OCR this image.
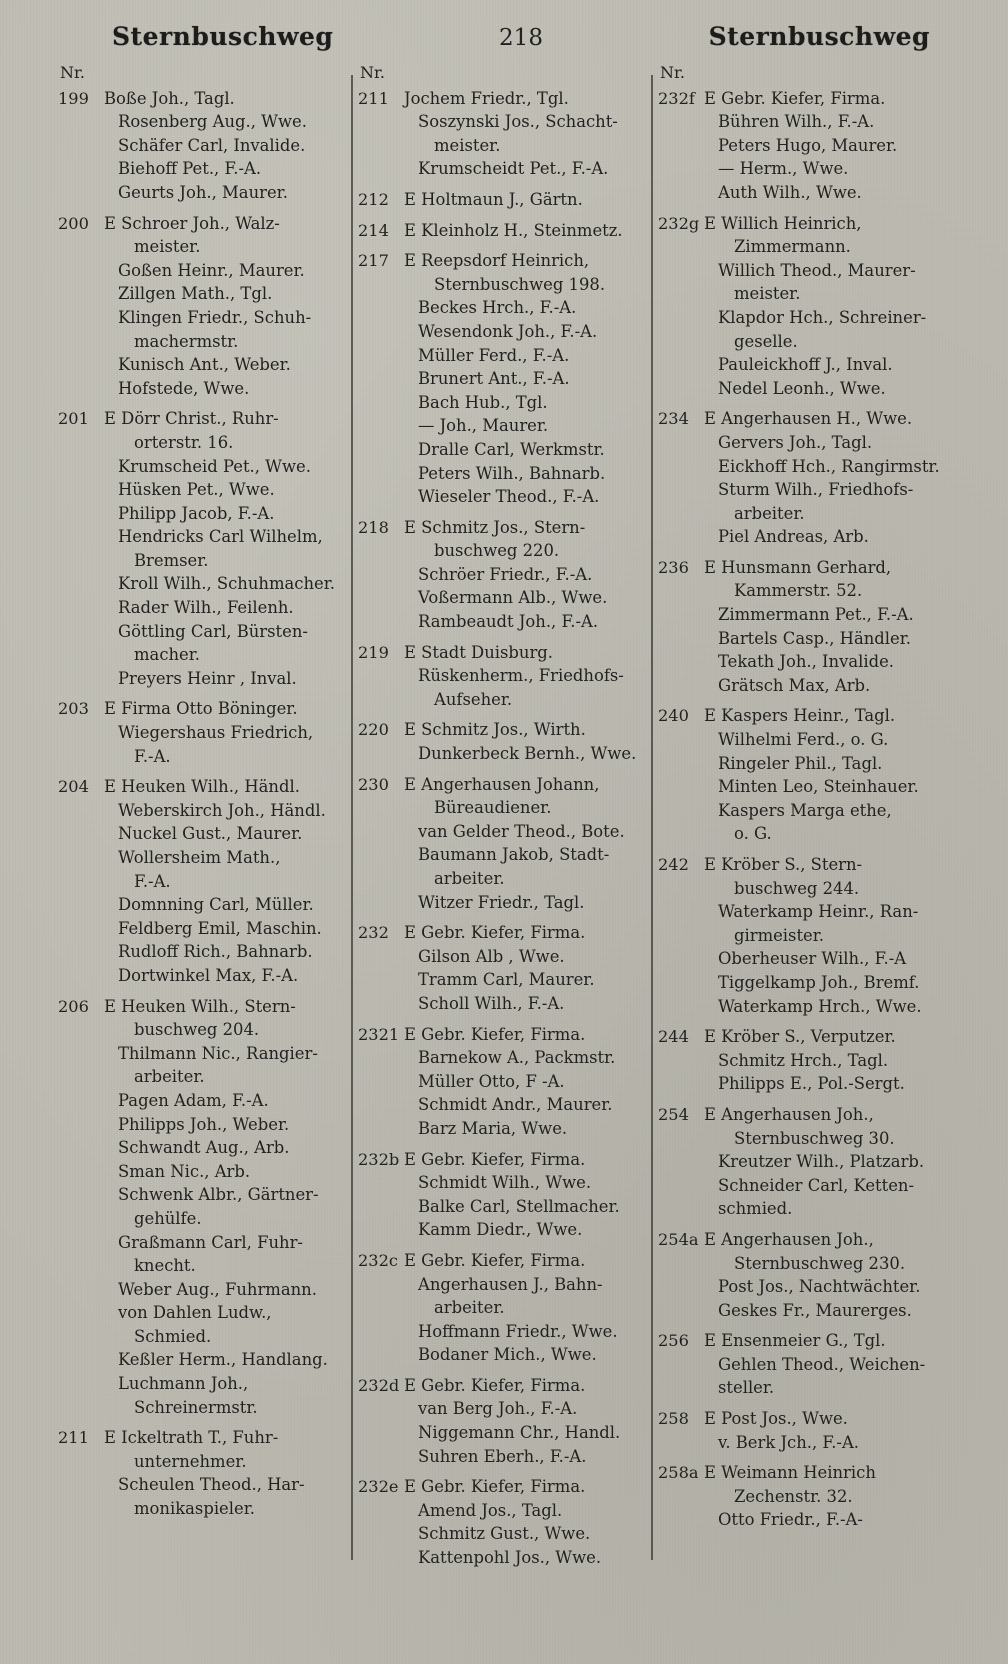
Sternbuschweg	218	Sternbuschweg
Nr.
199 Boße Joh., Tagl.
Rosenberg Aug., Wwe.
Schäfer Carl, Invalide.
Biehoff Pet., F.-A.
Geurts Joh., Maurer.
200 E Schroer Joh., Walz-
meister.
Goßen Heinr., Maurer.
Zillgen Math., Tgl.
Klingen Friedr., Schuh-
machermstr.
Kunisch Ant., Weber.
Hofstede, Wwe.
201 E Dörr Christ., Ruhr-
orterstr. 16.
Krumscheid Pet., Wwe.
Hüsken Pet., Wwe.
Philipp Jacob, F.-A.
Hendricks Carl Wilhelm,
Bremser.
Kroll Wilh., Schuhmacher.
Rader Wilh., Feilenh.
Göttling Carl, Bürsten-
macher.
Preyers Heinr , Inval.
203 E Firma Otto Böninger.
Wiegershaus Friedrich,
F.-A.
204 E Heuken Wilh., Händl.
Weberskirch Joh., Händl.
Nuckel Gust., Maurer.
Wollersheim Math.,
F.-A.
Domnning Carl, Müller.
Feldberg Emil, Maschin.
Rudloff Rich., Bahnarb.
Dortwinkel Max, F.-A.
206 E Heuken Wilh., Stern-
buschweg 204.
Thilmann Nic., Rangier-
arbeiter.
Pagen Adam, F.-A.
Philipps Joh., Weber.
Schwandt Aug., Arb.
Sman Nic., Arb.
Schwenk Albr., Gärtner-
gehülfe.
Graßmann Carl, Fuhr-
knecht.
Weber Aug., Fuhrmann.
von Dahlen Ludw.,
Schmied.
Keßler Herm., Handlang.
Luchmann Joh.,
Schreinermstr.
211 E Ickeltrath T., Fuhr-
unternehmer.
Scheulen Theod., Har-
monikaspieler.
Nr.
211 Jochem Friedr., Tgl.
Soszynski Jos., Schacht-
meister.
Krumscheidt Pet., F.-A.
212 E Holtmaun J., Gärtn.
214 E Kleinholz H., Steinmetz.
217 E Reepsdorf Heinrich,
Sternbuschweg 198.
Beckes Hrch., F.-A.
Wesendonk Joh., F.-A.
Müller Ferd., F.-A.
Brunert Ant., F.-A.
Bach Hub., Tgl.
— Joh., Maurer.
Dralle Carl, Werkmstr.
Peters Wilh., Bahnarb.
Wieseler Theod., F.-A.
218 E Schmitz Jos., Stern-
buschweg 220.
Schröer Friedr., F.-A.
Voßermann Alb., Wwe.
Rambeaudt Joh., F.-A.
219 E Stadt Duisburg.
Rüskenherm., Friedhofs-
Aufseher.
220 E Schmitz Jos., Wirth.
Dunkerbeck Bernh., Wwe.
230 E Angerhausen Johann,
Büreaudiener.
van Gelder Theod., Bote.
Baumann Jakob, Stadt-
arbeiter.
Witzer Friedr., Tagl.
232 E Gebr. Kiefer, Firma.
Gilson Alb , Wwe.
Tramm Carl, Maurer.
Scholl Wilh., F.-A.
2321 E Gebr. Kiefer, Firma.
Barnekow A., Packmstr.
Müller Otto, F -A.
Schmidt Andr., Maurer.
Barz Maria, Wwe.
232b E Gebr. Kiefer, Firma.
Schmidt Wilh., Wwe.
Balke Carl, Stellmacher.
Kamm Diedr., Wwe.
232c E Gebr. Kiefer, Firma.
Angerhausen J., Bahn-
arbeiter.
Hoffmann Friedr., Wwe.
Bodaner Mich., Wwe.
232d E Gebr. Kiefer, Firma.
van Berg Joh., F.-A.
Niggemann Chr., Handl.
Suhren Eberh., F.-A.
232e E Gebr. Kiefer, Firma.
Amend Jos., Tagl.
Schmitz Gust., Wwe.
Kattenpohl Jos., Wwe.
Nr.
232f E Gebr. Kiefer, Firma.
Bühren Wilh., F.-A.
Peters Hugo, Maurer.
— Herm., Wwe.
Auth Wilh., Wwe.
232g E Willich Heinrich,
Zimmermann.
Willich Theod., Maurer-
meister.
Klapdor Hch., Schreiner-
geselle.
Pauleickhoff J., Inval.
Nedel Leonh., Wwe.
234 E Angerhausen H., Wwe.
Gervers Joh., Tagl.
Eickhoff Hch., Rangirmstr.
Sturm Wilh., Friedhofs-
arbeiter.
Piel Andreas, Arb.
236 E Hunsmann Gerhard,
Kammerstr. 52.
Zimmermann Pet., F.-A.
Bartels Casp., Händler.
Tekath Joh., Invalide.
Grätsch Max, Arb.
240 E Kaspers Heinr., Tagl.
Wilhelmi Ferd., o. G.
Ringeler Phil., Tagl.
Minten Leo, Steinhauer.
Kaspers Marga ethe,
o. G.
242 E Kröber S., Stern-
buschweg 244.
Waterkamp Heinr., Ran-
girmeister.
Oberheuser Wilh., F.-A
Tiggelkamp Joh., Bremf.
Waterkamp Hrch., Wwe.
244 E Kröber S., Verputzer.
Schmitz Hrch., Tagl.
Philipps E., Pol.-Sergt.
254 E Angerhausen Joh.,
Sternbuschweg 30.
Kreutzer Wilh., Platzarb.
Schneider Carl, Ketten-
schmied.
254a E Angerhausen Joh.,
Sternbuschweg 230.
Post Jos., Nachtwächter.
Geskes Fr., Maurerges.
256 E Ensenmeier G., Tgl.
Gehlen Theod., Weichen-
steller.
258 E Post Jos., Wwe.
v. Berk Jch., F.-A.
258a E Weimann Heinrich
Zechenstr. 32.
Otto Friedr., F.-A-
